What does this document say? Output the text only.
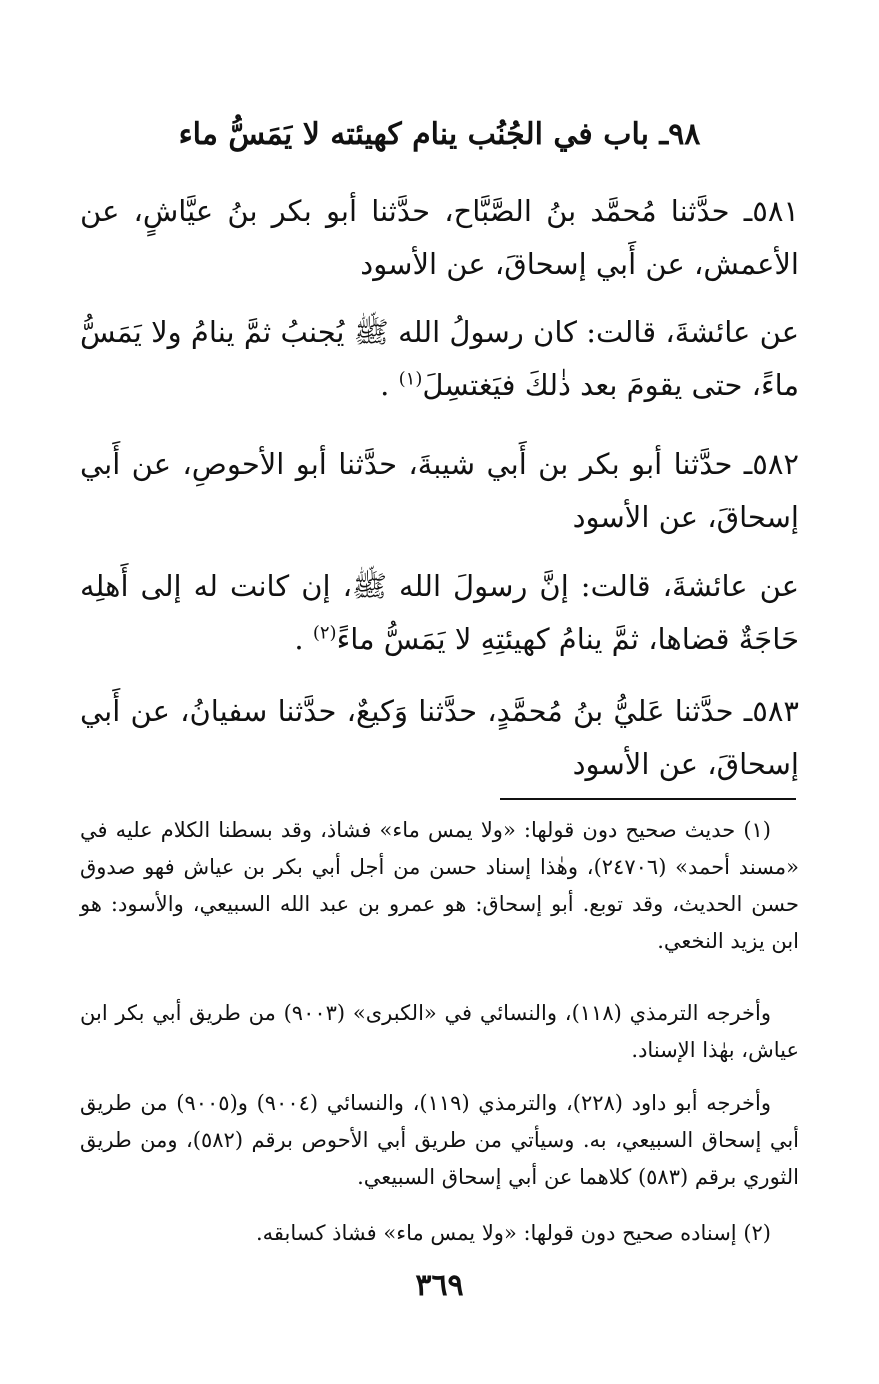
٩٨ـ باب في الجُنُب ينام كهيئته لا يَمَسُّ ماء
٥٨١ـ حدَّثنا مُحمَّد بنُ الصَّبَّاح، حدَّثنا أبو بكر بنُ عيَّاشٍ، عن الأعمش، عن أَبي إسحاقَ، عن الأسود
عن عائشةَ، قالت: كان رسولُ الله ﷺ يُجنبُ ثمَّ ينامُ ولا يَمَسُّ ماءً، حتى يقومَ بعد ذٰلكَ فيَغتسِلَ$^{(١)}$ .
٥٨٢ـ حدَّثنا أبو بكر بن أَبي شيبةَ، حدَّثنا أبو الأحوصِ، عن أَبي إسحاقَ، عن الأسود
عن عائشةَ، قالت: إنَّ رسولَ الله ﷺ، إن كانت له إلى أَهلِه حَاجَةٌ قضاها، ثمَّ ينامُ كهيئتِهِ لا يَمَسُّ ماءً$^{(٢)}$ .
٥٨٣ـ حدَّثنا عَليُّ بنُ مُحمَّدٍ، حدَّثنا وَكيعٌ، حدَّثنا سفيانُ، عن أَبي إسحاقَ، عن الأسود
(١) حديث صحيح دون قولها: «ولا يمس ماء» فشاذ، وقد بسطنا الكلام عليه في «مسند أحمد» (٢٤٧٠٦)، وهٰذا إسناد حسن من أجل أبي بكر بن عياش فهو صدوق حسن الحديث، وقد توبع. أبو إسحاق: هو عمرو بن عبد الله السبيعي، والأسود: هو ابن يزيد النخعي.
وأخرجه الترمذي (١١٨)، والنسائي في «الكبرى» (٩٠٠٣) من طريق أبي بكر ابن عياش، بهٰذا الإسناد.
وأخرجه أبو داود (٢٢٨)، والترمذي (١١٩)، والنسائي (٩٠٠٤) و(٩٠٠٥) من طريق أبي إسحاق السبيعي، به. وسيأتي من طريق أبي الأحوص برقم (٥٨٢)، ومن طريق الثوري برقم (٥٨٣) كلاهما عن أبي إسحاق السبيعي.
(٢) إسناده صحيح دون قولها: «ولا يمس ماء» فشاذ كسابقه.
٣٦٩
